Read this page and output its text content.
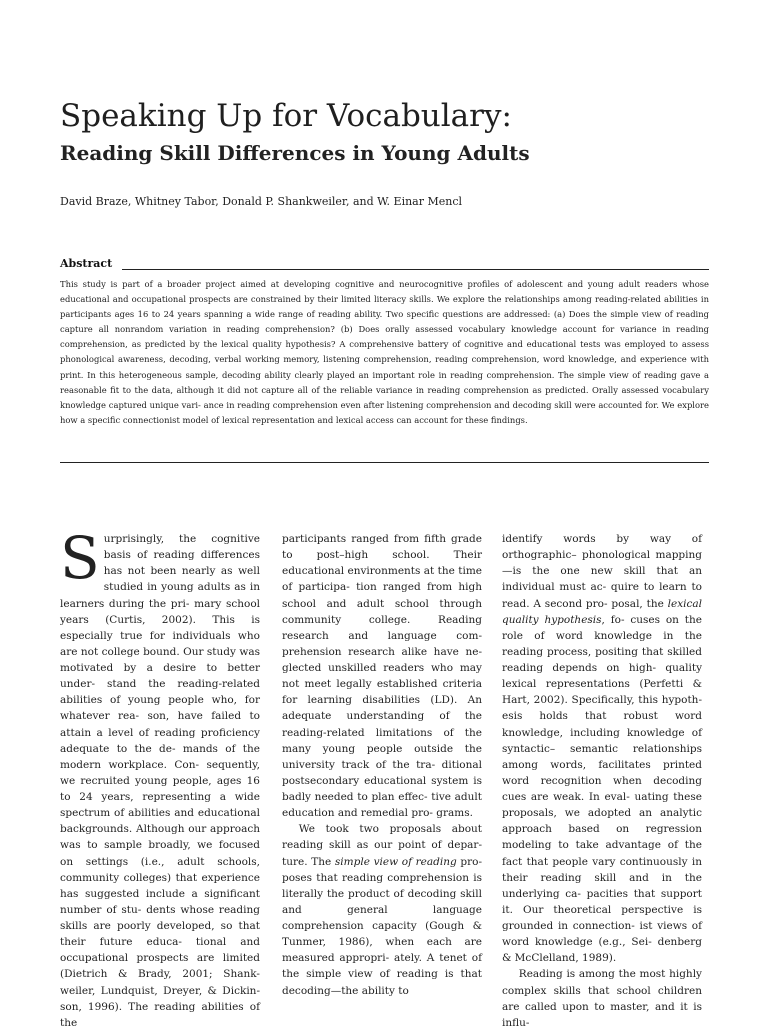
Speaking Up for Vocabulary:
Reading Skill Differences in Young Adults
David Braze, Whitney Tabor, Donald P. Shankweiler, and W. Einar Mencl
Abstract
This study is part of a broader project aimed at developing cognitive and neurocognitive profiles of adolescent and young adult readers whose educational and occupational prospects are constrained by their limited literacy skills. We explore the relationships among reading-related abilities in participants ages 16 to 24 years spanning a wide range of reading ability. Two specific questions are addressed: (a) Does the simple view of reading capture all nonrandom variation in reading comprehension? (b) Does orally assessed vocabulary knowledge account for variance in reading comprehension, as predicted by the lexical quality hypothesis? A comprehensive battery of cognitive and educational tests was employed to assess phonological awareness, decoding, verbal working memory, listening comprehension, reading comprehension, word knowledge, and experience with print. In this heterogeneous sample, decoding ability clearly played an important role in reading comprehension. The simple view of reading gave a reasonable fit to the data, although it did not capture all of the reliable variance in reading comprehension as predicted. Orally assessed vocabulary knowledge captured unique vari- ance in reading comprehension even after listening comprehension and decoding skill were accounted for. We explore how a specific connectionist model of lexical representation and lexical access can account for these findings.
S urprisingly, the cognitive basis of reading differences has not been nearly as well studied in young adults as in learners during the pri- mary school years (Curtis, 2002). This is especially true for individuals who are not college bound. Our study was motivated by a desire to better under- stand the reading-related abilities of young people who, for whatever rea- son, have failed to attain a level of reading proficiency adequate to the de- mands of the modern workplace. Con- sequently, we recruited young people, ages 16 to 24 years, representing a wide spectrum of abilities and educational backgrounds. Although our approach was to sample broadly, we focused on settings (i.e., adult schools, community colleges) that experience has suggested include a significant number of stu- dents whose reading skills are poorly developed, so that their future educa- tional and occupational prospects are limited (Dietrich & Brady, 2001; Shank- weiler, Lundquist, Dreyer, & Dickin- son, 1996). The reading abilities of the

participants ranged from fifth grade to post–high school. Their educational environments at the time of participa- tion ranged from high school and adult school through community college. Reading research and language com- prehension research alike have ne- glected unskilled readers who may not meet legally established criteria for learning disabilities (LD). An adequate understanding of the reading-related limitations of the many young people outside the university track of the tra- ditional postsecondary educational system is badly needed to plan effec- tive adult education and remedial pro- grams.

We took two proposals about reading skill as our point of depar- ture. The simple view of reading pro- poses that reading comprehension is literally the product of decoding skill and general language comprehension capacity (Gough & Tunmer, 1986), when each are measured appropri- ately. A tenet of the simple view of reading is that decoding—the ability to

identify words by way of orthographic– phonological mapping —is the one new skill that an individual must ac- quire to learn to read. A second pro- posal, the lexical quality hypothesis, fo- cuses on the role of word knowledge in the reading process, positing that skilled reading depends on high- quality lexical representations (Perfetti & Hart, 2002). Specifically, this hypoth- esis holds that robust word knowledge, including knowledge of syntactic– semantic relationships among words, facilitates printed word recognition when decoding cues are weak. In eval- uating these proposals, we adopted an analytic approach based on regression modeling to take advantage of the fact that people vary continuously in their reading skill and in the underlying ca- pacities that support it. Our theoretical perspective is grounded in connection- ist views of word knowledge (e.g., Sei- denberg & McClelland, 1989).

Reading is among the most highly complex skills that school children are called upon to master, and it is influ-
